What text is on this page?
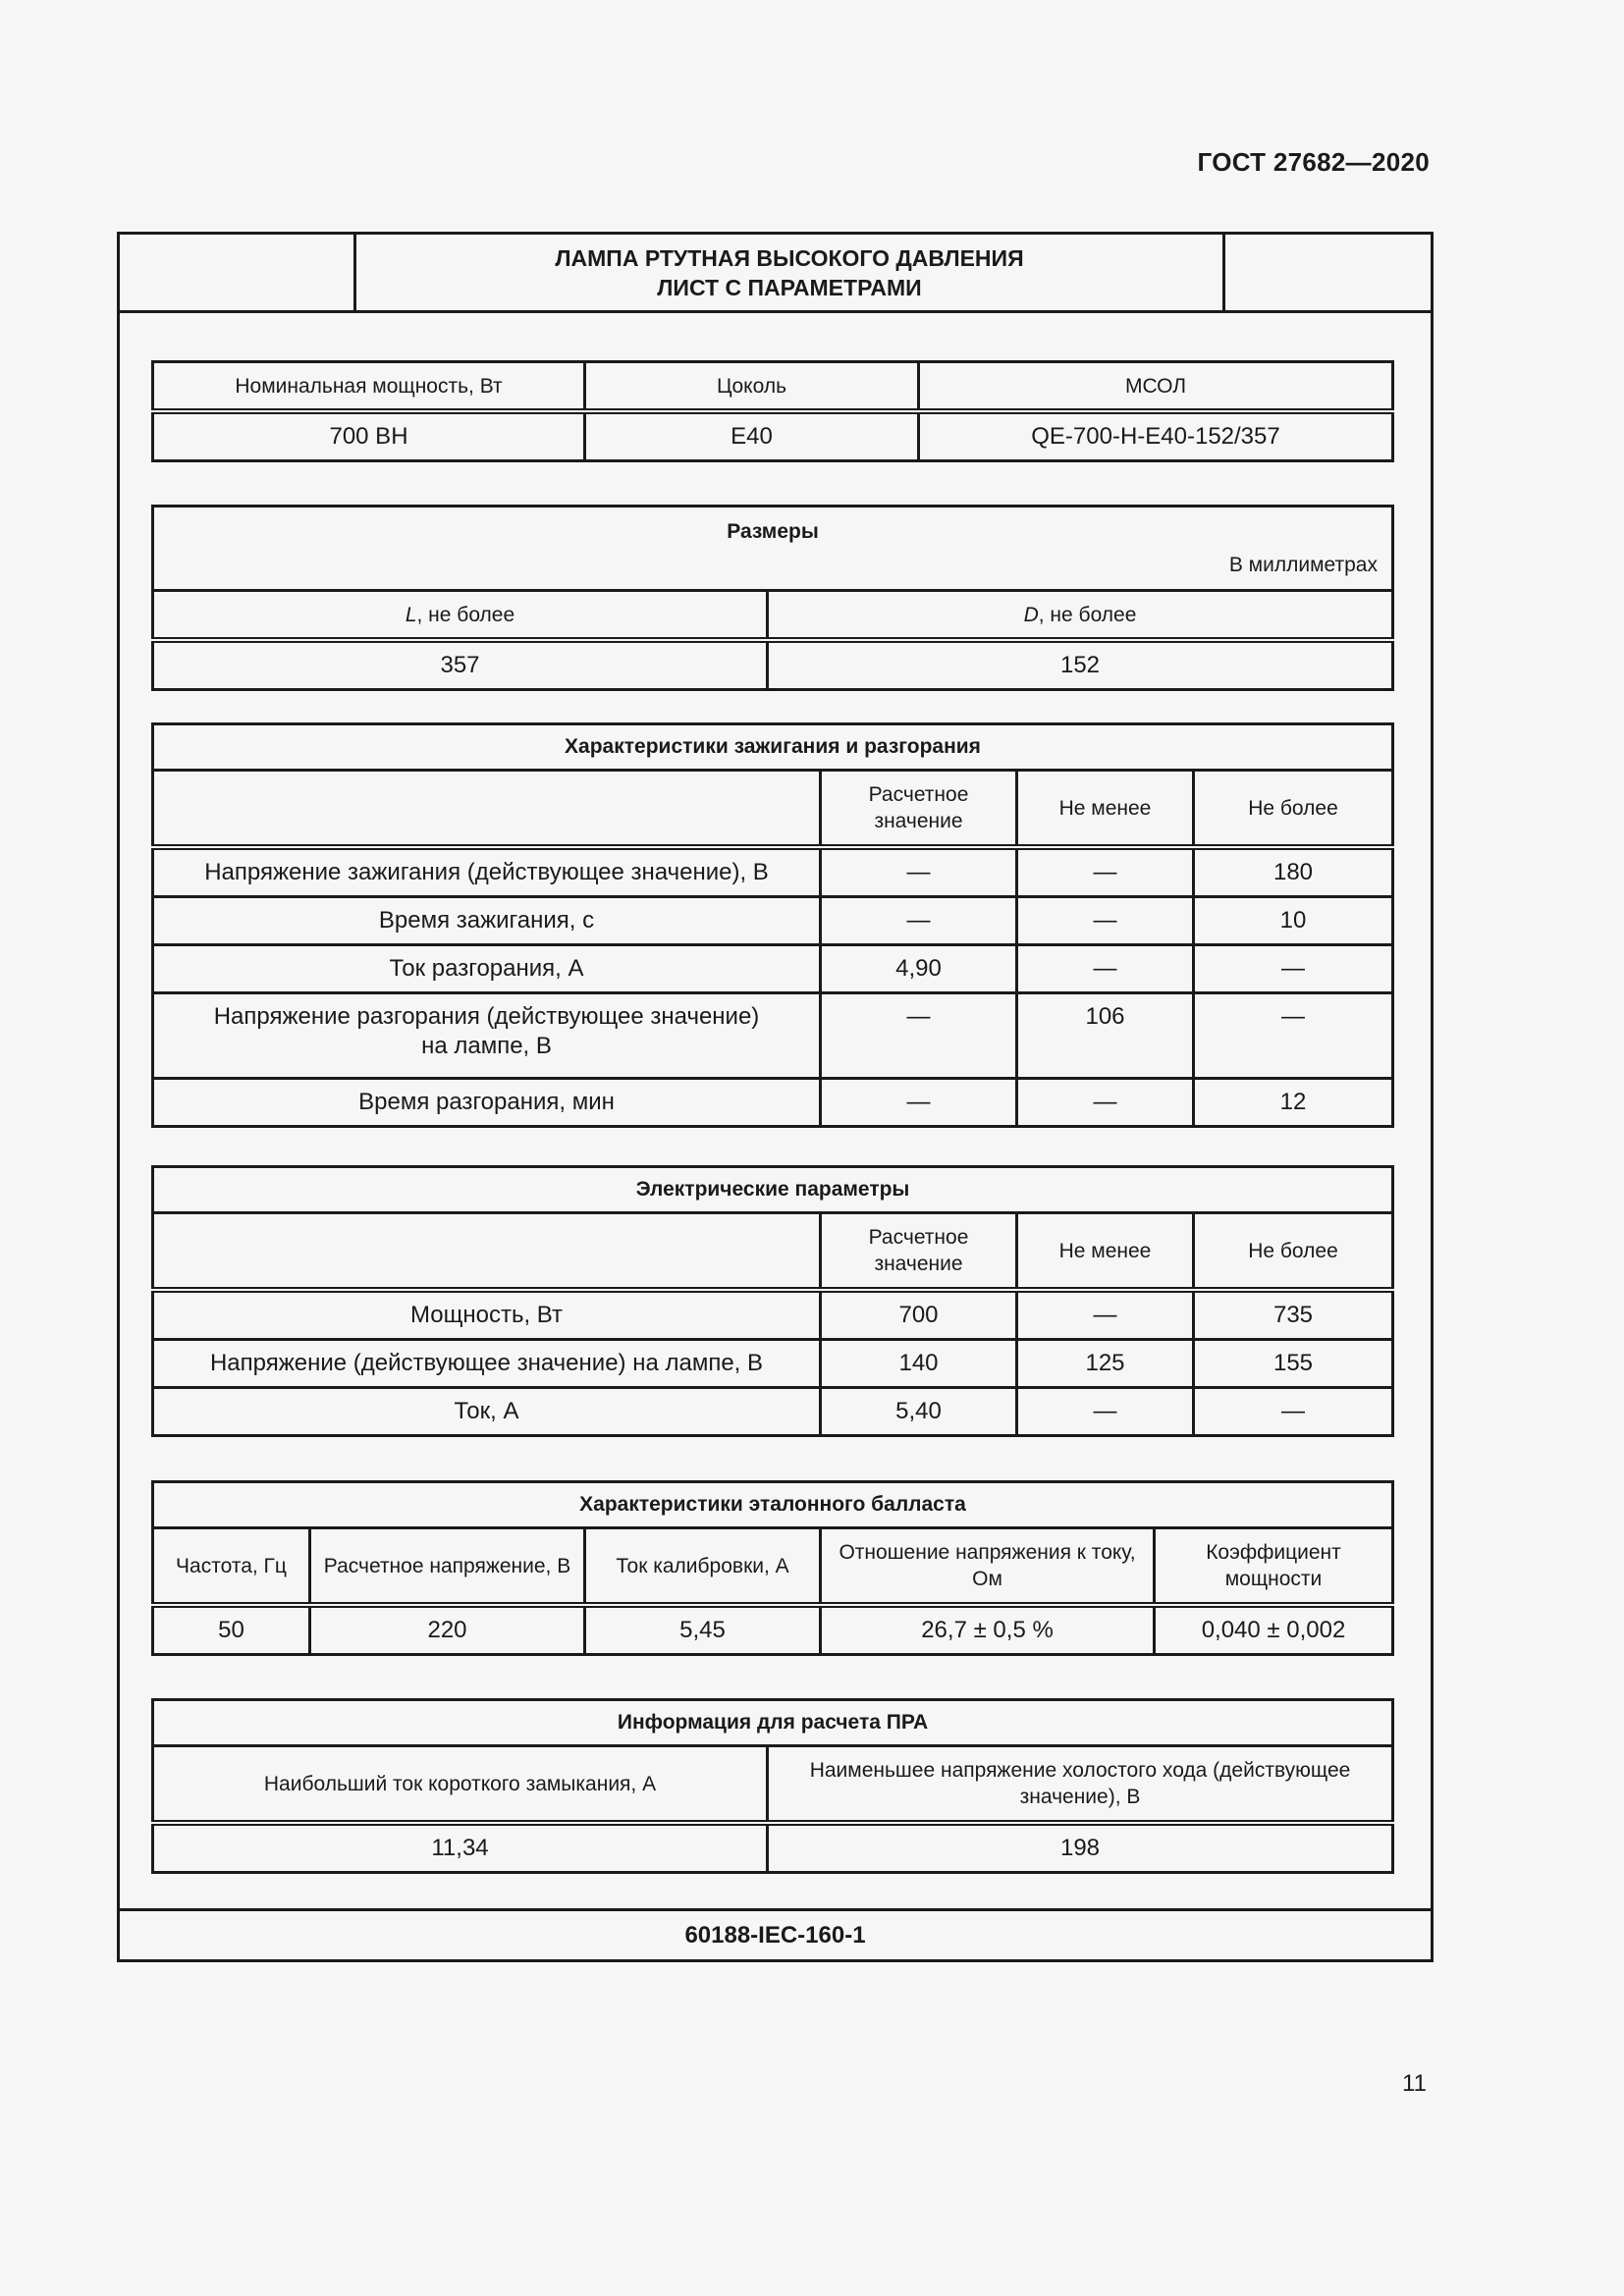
ГОСТ 27682—2020
ЛАМПА РТУТНАЯ ВЫСОКОГО ДАВЛЕНИЯ
ЛИСТ С ПАРАМЕТРАМИ
Номинальная мощность, Вт	Цоколь	МСОЛ
700 ВН	E40	QE-700-H-E40-152/357
Размеры
В миллиметрах	

L, не более	D, не более
357	152
Характеристики зажигания и разгорания			
	Расчетное значение	Не менее	Не более
Напряжение зажигания (действующее значение), В	—	—	180
Время зажигания, с	—	—	10
Ток разгорания, А	4,90	—	—
Напряжение разгорания (действующее значение)
на лампе, В	—	106	—
Время разгорания, мин	—	—	12
Электрические параметры			
	Расчетное значение	Не менее	Не более
Мощность, Вт	700	—	735
Напряжение (действующее значение) на лампе, В	140	125	155
Ток, А	5,40	—	—
Характеристики эталонного балласта				
Частота, Гц	Расчетное напряжение, В	Ток калибровки, А	Отношение напряжения к току, Ом	Коэффициент мощности
50	220	5,45	26,7 ± 0,5 %	0,040 ± 0,002
Информация для расчета ПРА	
Наибольший ток короткого замыкания, А	Наименьшее напряжение холостого хода (действующее значение), В
11,34	198
60188-IEC-160-1
11
